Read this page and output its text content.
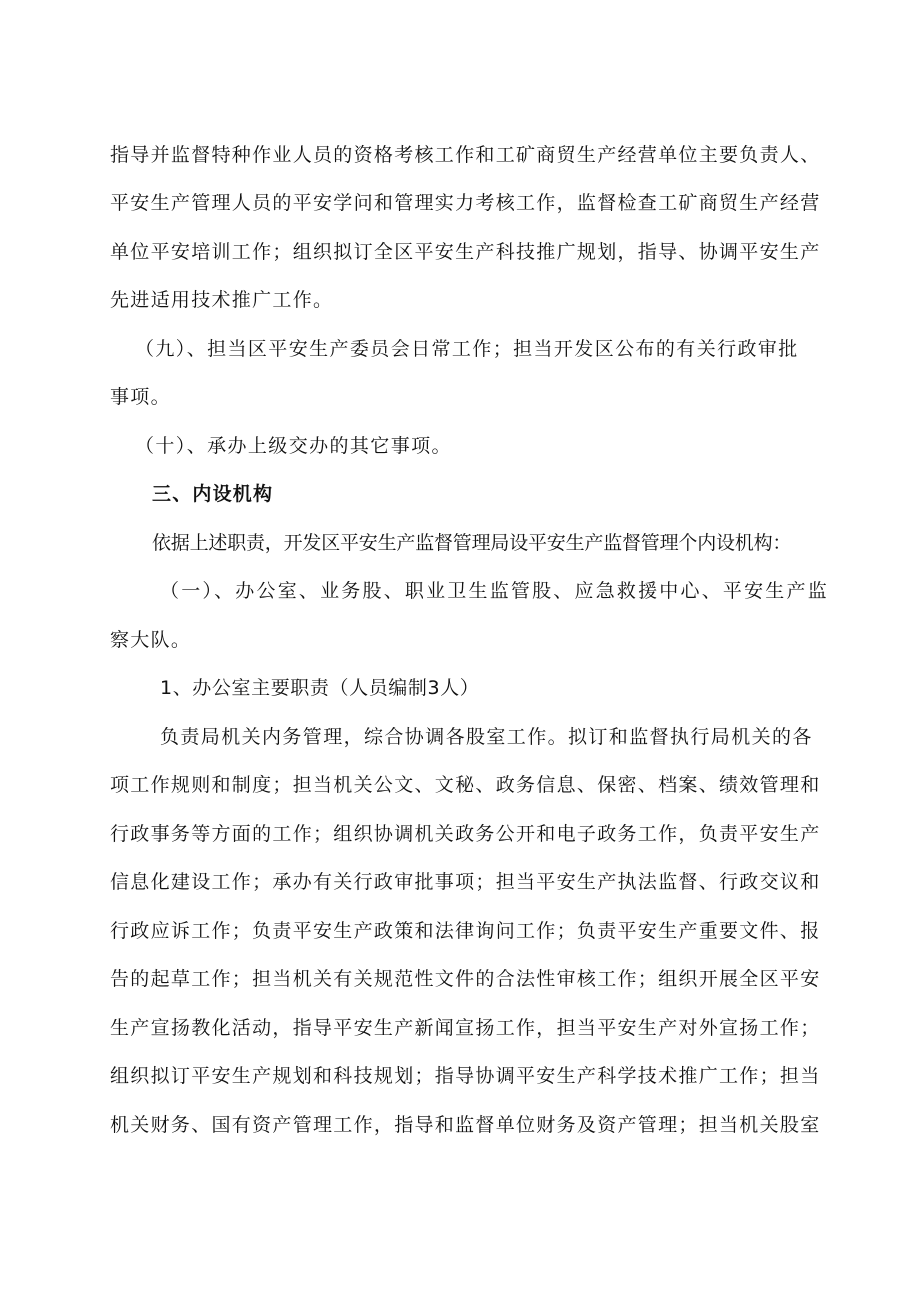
指导并监督特种作业人员的资格考核工作和工矿商贸生产经营单位主要负责人、
平安生产管理人员的平安学问和管理实力考核工作，监督检查工矿商贸生产经营
单位平安培训工作；组织拟订全区平安生产科技推广规划，指导、协调平安生产
先进适用技术推广工作。
（九）、担当区平安生产委员会日常工作；担当开发区公布的有关行政审批
事项。
（十）、承办上级交办的其它事项。
三、内设机构
依据上述职责，开发区平安生产监督管理局设平安生产监督管理个内设机构：
（一）、办公室、业务股、职业卫生监管股、应急救援中心、平安生产监
察大队。
1、办公室主要职责（人员编制3人）
负责局机关内务管理，综合协调各股室工作。拟订和监督执行局机关的各
项工作规则和制度；担当机关公文、文秘、政务信息、保密、档案、绩效管理和
行政事务等方面的工作；组织协调机关政务公开和电子政务工作，负责平安生产
信息化建设工作；承办有关行政审批事项；担当平安生产执法监督、行政交议和
行政应诉工作；负责平安生产政策和法律询问工作；负责平安生产重要文件、报
告的起草工作；担当机关有关规范性文件的合法性审核工作；组织开展全区平安
生产宣扬教化活动，指导平安生产新闻宣扬工作，担当平安生产对外宣扬工作；
组织拟订平安生产规划和科技规划；指导协调平安生产科学技术推广工作；担当
机关财务、国有资产管理工作，指导和监督单位财务及资产管理；担当机关股室
